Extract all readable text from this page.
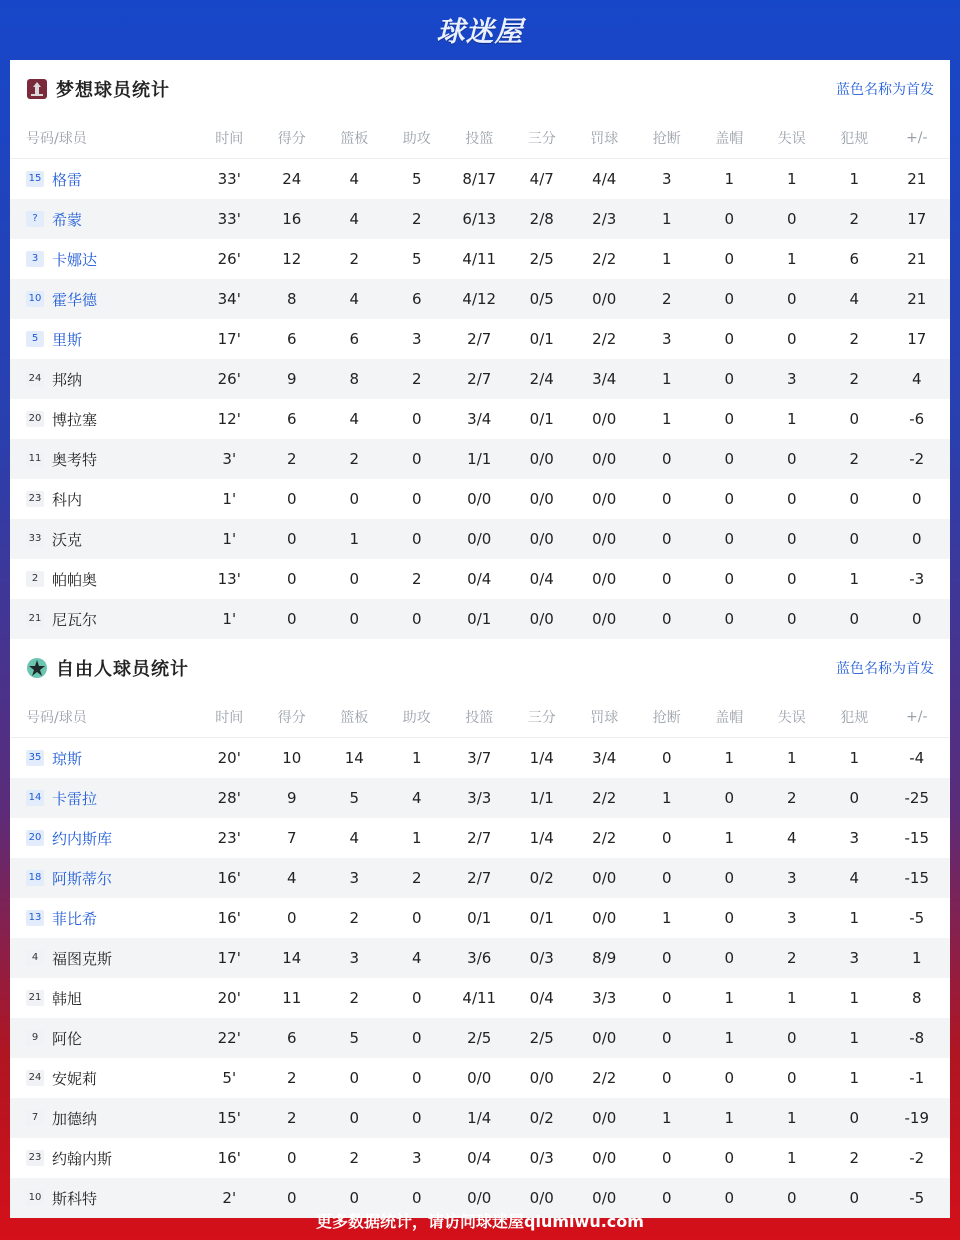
球迷屋
梦想球员统计	蓝色名称为首发
号码/球员	时间	得分	篮板	助攻	投篮	三分	罚球	抢断	盖帽	失误	犯规	+/-
15 格雷	33'	24	4	5	8/17	4/7	4/4	3	1	1	1	21
? 希蒙	33'	16	4	2	6/13	2/8	2/3	1	0	0	2	17
3 卡娜达	26'	12	2	5	4/11	2/5	2/2	1	0	1	6	21
10 霍华德	34'	8	4	6	4/12	0/5	0/0	2	0	0	4	21
5 里斯	17'	6	6	3	2/7	0/1	2/2	3	0	0	2	17
24 邦纳	26'	9	8	2	2/7	2/4	3/4	1	0	3	2	4
20 博拉塞	12'	6	4	0	3/4	0/1	0/0	1	0	1	0	-6
11 奥考特	3'	2	2	0	1/1	0/0	0/0	0	0	0	2	-2
23 科内	1'	0	0	0	0/0	0/0	0/0	0	0	0	0	0
33 沃克	1'	0	1	0	0/0	0/0	0/0	0	0	0	0	0
2 帕帕奥	13'	0	0	2	0/4	0/4	0/0	0	0	0	1	-3
21 尼瓦尔	1'	0	0	0	0/1	0/0	0/0	0	0	0	0	0
自由人球员统计	蓝色名称为首发
号码/球员	时间	得分	篮板	助攻	投篮	三分	罚球	抢断	盖帽	失误	犯规	+/-
35 琼斯	20'	10	14	1	3/7	1/4	3/4	0	1	1	1	-4
14 卡雷拉	28'	9	5	4	3/3	1/1	2/2	1	0	2	0	-25
20 约内斯库	23'	7	4	1	2/7	1/4	2/2	0	1	4	3	-15
18 阿斯蒂尔	16'	4	3	2	2/7	0/2	0/0	0	0	3	4	-15
13 菲比希	16'	0	2	0	0/1	0/1	0/0	1	0	3	1	-5
4 福图克斯	17'	14	3	4	3/6	0/3	8/9	0	0	2	3	1
21 韩旭	20'	11	2	0	4/11	0/4	3/3	0	1	1	1	8
9 阿伦	22'	6	5	0	2/5	2/5	0/0	0	1	0	1	-8
24 安妮莉	5'	2	0	0	0/0	0/0	2/2	0	0	0	1	-1
7 加德纳	15'	2	0	0	1/4	0/2	0/0	1	1	1	0	-19
23 约翰内斯	16'	0	2	3	0/4	0/3	0/0	0	0	1	2	-2
10 斯科特	2'	0	0	0	0/0	0/0	0/0	0	0	0	0	-5
更多数据统计，请访问球迷屋qiumiwu.com
